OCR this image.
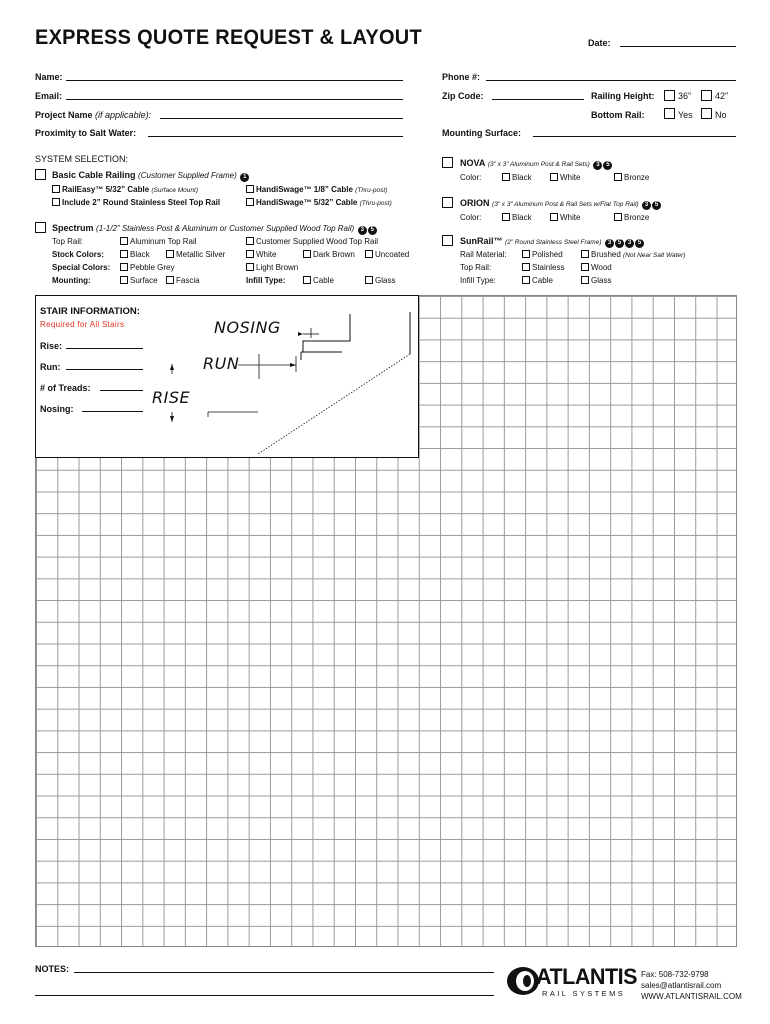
EXPRESS QUOTE REQUEST & LAYOUT	Date:
Name:
Email:
Project Name (if applicable):
Proximity to Salt Water:
Phone #:
Zip Code:	Railing Height:	36”	42”
Bottom Rail:	Yes No
Mounting Surface:
SYSTEM SELECTION:
Basic Cable Railing (Customer Supplied Frame) 1
RailEasy™ 5/32” Cable (Surface Mount)
Include 2” Round Stainless Steel Top Rail
HandiSwage™ 1/8” Cable (Thru-post)
HandiSwage™ 5/32” Cable (Thru-post)
Spectrum (1-1/2” Stainless Post & Aluminum or Customer Supplied Wood Top Rail) 3 5
Top Rail:	Aluminum Top Rail	Customer Supplied Wood Top Rail
Stock Colors:	Black	Metallic Silver	White	Dark Brown	Uncoated
Special Colors:	Pebble Grey	Light Brown
Mounting:	Surface	Fascia	Infill Type:	Cable	Glass
NOVA (3” x 3” Aluminum Post & Rail Sets) 3 5
Color:	Black	White	Bronze
ORION (3” x 3” Aluminum Post & Rail Sets w/Flat Top Rail) 3 5
Color:	Black	White	Bronze
SunRail™ (2” Round Stainless Steel Frame) 3 5 3 5
Rail Material:	Polished	Brushed (Not Near Salt Water)
Top Rail:	Stainless	Wood
Infill Type:	Cable	Glass
STAIR INFORMATION:
Required for All Stairs
Rise:
Run:
# of Treads:
Nosing:
NOSING
RUN
RISE
NOTES:	ATLANTIS
RAIL SYSTEMS
Fax: 508-732-9798
sales@atlantisrail.com
WWW.ATLANTISRAIL.COM
